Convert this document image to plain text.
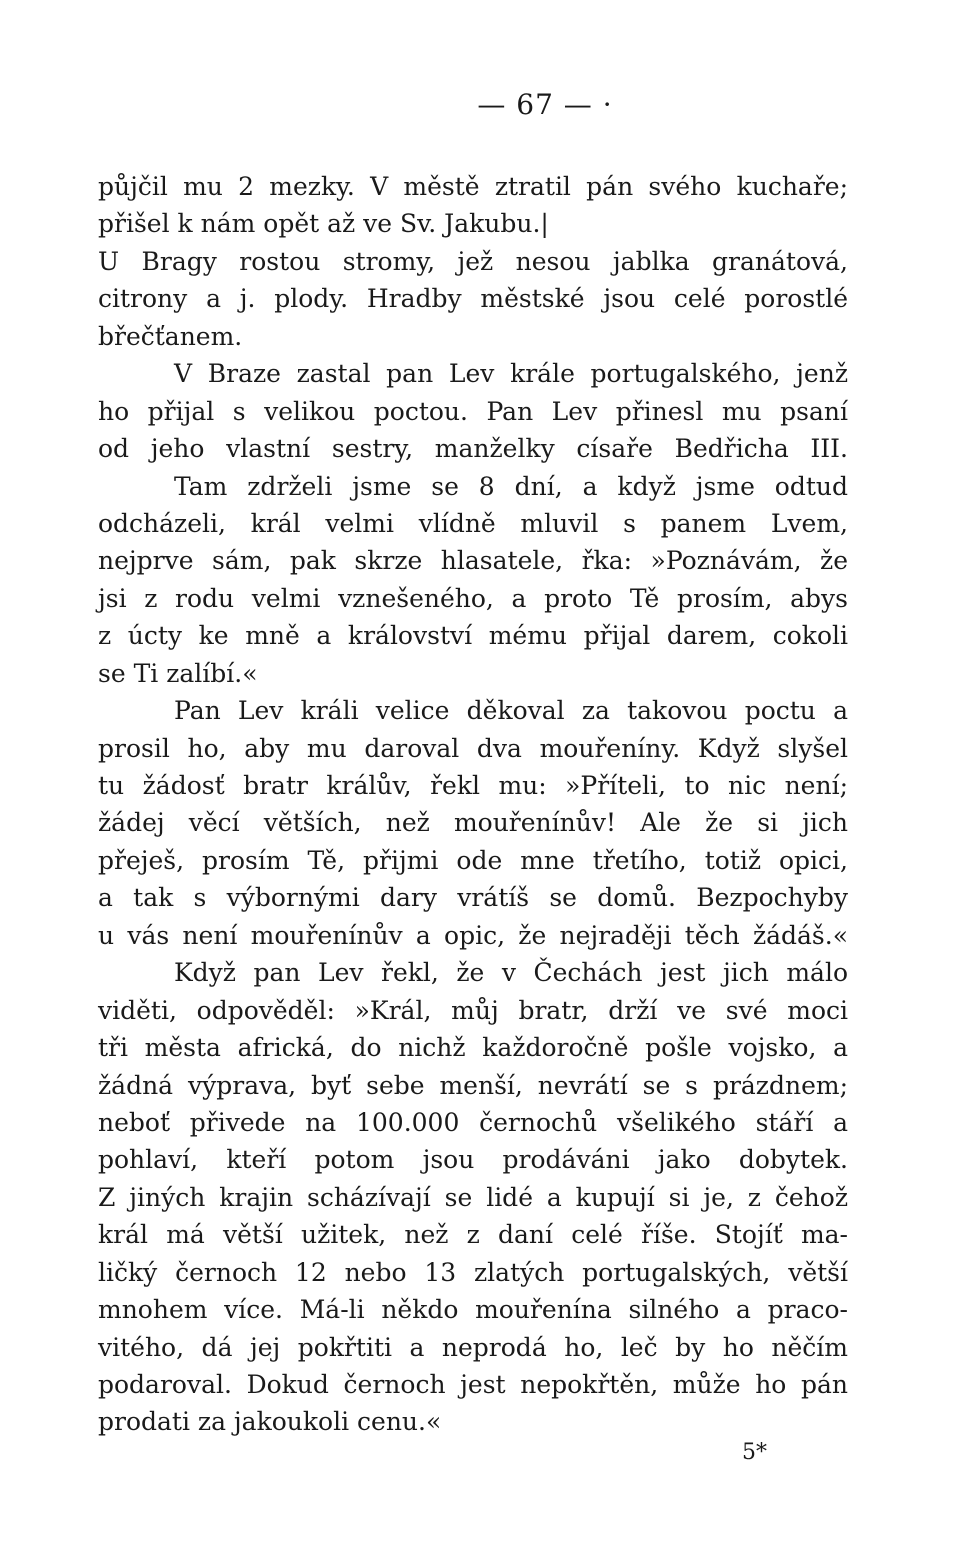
— 67 — ·
půjčil mu 2 mezky. V městě ztratil pán svého kuchaře;
přišel k nám opět až ve Sv. Jakubu.|
U Bragy rostou stromy, jež nesou jablka granátová,
citrony a j. plody. Hradby městské jsou celé porostlé
břečťanem.
V Braze zastal pan Lev krále portugalského, jenž
ho přijal s velikou poctou. Pan Lev přinesl mu psaní
od jeho vlastní sestry, manželky císaře Bedřicha III.
Tam zdrželi jsme se 8 dní, a když jsme odtud
odcházeli, král velmi vlídně mluvil s panem Lvem,
nejprve sám, pak skrze hlasatele, řka: »Poznávám, že
jsi z rodu velmi vznešeného, a proto Tě prosím, abys
z úcty ke mně a království mému přijal darem, cokoli
se Ti zalíbí.«
Pan Lev králi velice děkoval za takovou poctu a
prosil ho, aby mu daroval dva mouřeníny. Když slyšel
tu žádosť bratr králův, řekl mu: »Příteli, to nic není;
žádej věcí větších, než mouřenínův! Ale že si jich
přeješ, prosím Tě, přijmi ode mne třetího, totiž opici,
a tak s výbornými dary vrátíš se domů. Bezpochyby
u vás není mouřenínův a opic, že nejraději těch žádáš.«
Když pan Lev řekl, že v Čechách jest jich málo
viděti, odpověděl: »Král, můj bratr, drží ve své moci
tři města africká, do nichž každoročně pošle vojsko, a
žádná výprava, byť sebe menší, nevrátí se s prázdnem;
neboť přivede na 100.000 černochů všelikého stáří a
pohlaví, kteří potom jsou prodáváni jako dobytek.
Z jiných krajin scházívají se lidé a kupují si je, z čehož
král má větší užitek, než z daní celé říše. Stojíť ma-
ličký černoch 12 nebo 13 zlatých portugalských, větší
mnohem více. Má-li někdo mouřenína silného a praco-
vitého, dá jej pokřtiti a neprodá ho, leč by ho něčím
podaroval. Dokud černoch jest nepokřtěn, může ho pán
prodati za jakoukoli cenu.«
5*
